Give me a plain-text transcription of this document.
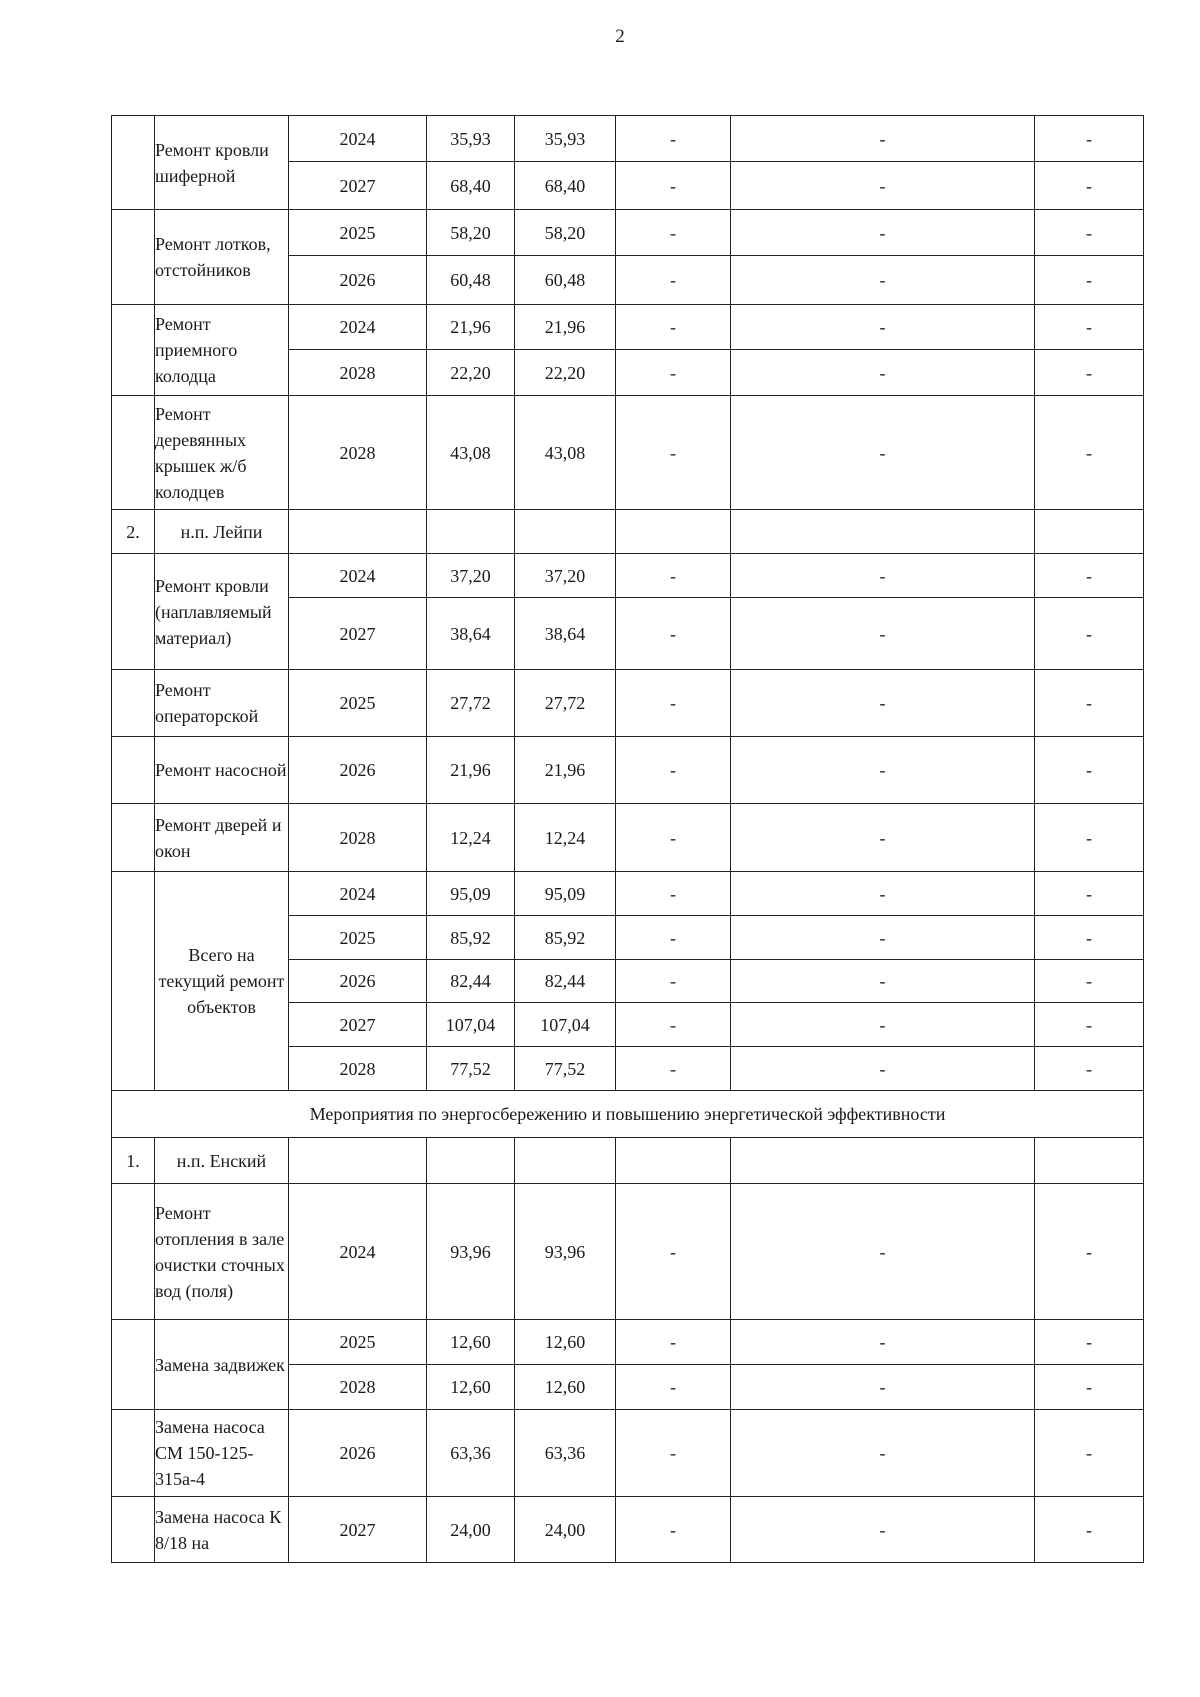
2
	Ремонт кровли шиферной	2024	35,93	35,93	-	-	-
		2027	68,40	68,40	-	-	-
	Ремонт лотков, отстойников	2025	58,20	58,20	-	-	-
		2026	60,48	60,48	-	-	-
	Ремонт приемного колодца	2024	21,96	21,96	-	-	-
		2028	22,20	22,20	-	-	-
	Ремонт деревянных крышек ж/б колодцев	2028	43,08	43,08	-	-	-
2.	н.п. Лейпи						
	Ремонт кровли (наплавляемый материал)	2024	37,20	37,20	-	-	-
		2027	38,64	38,64	-	-	-
	Ремонт операторской	2025	27,72	27,72	-	-	-
	Ремонт насосной	2026	21,96	21,96	-	-	-
	Ремонт дверей и окон	2028	12,24	12,24	-	-	-
	Всего на текущий ремонт объектов	2024	95,09	95,09	-	-	-
		2025	85,92	85,92	-	-	-
		2026	82,44	82,44	-	-	-
		2027	107,04	107,04	-	-	-
		2028	77,52	77,52	-	-	-
Мероприятия по энергосбережению и повышению энергетической эффективности							
1.	н.п. Енский						
	Ремонт отопления в зале очистки сточных вод (поля)	2024	93,96	93,96	-	-	-
	Замена задвижек	2025	12,60	12,60	-	-	-
		2028	12,60	12,60	-	-	-
	Замена насоса СМ 150-125-315а-4	2026	63,36	63,36	-	-	-
	Замена насоса К 8/18 на	2027	24,00	24,00	-	-	-
